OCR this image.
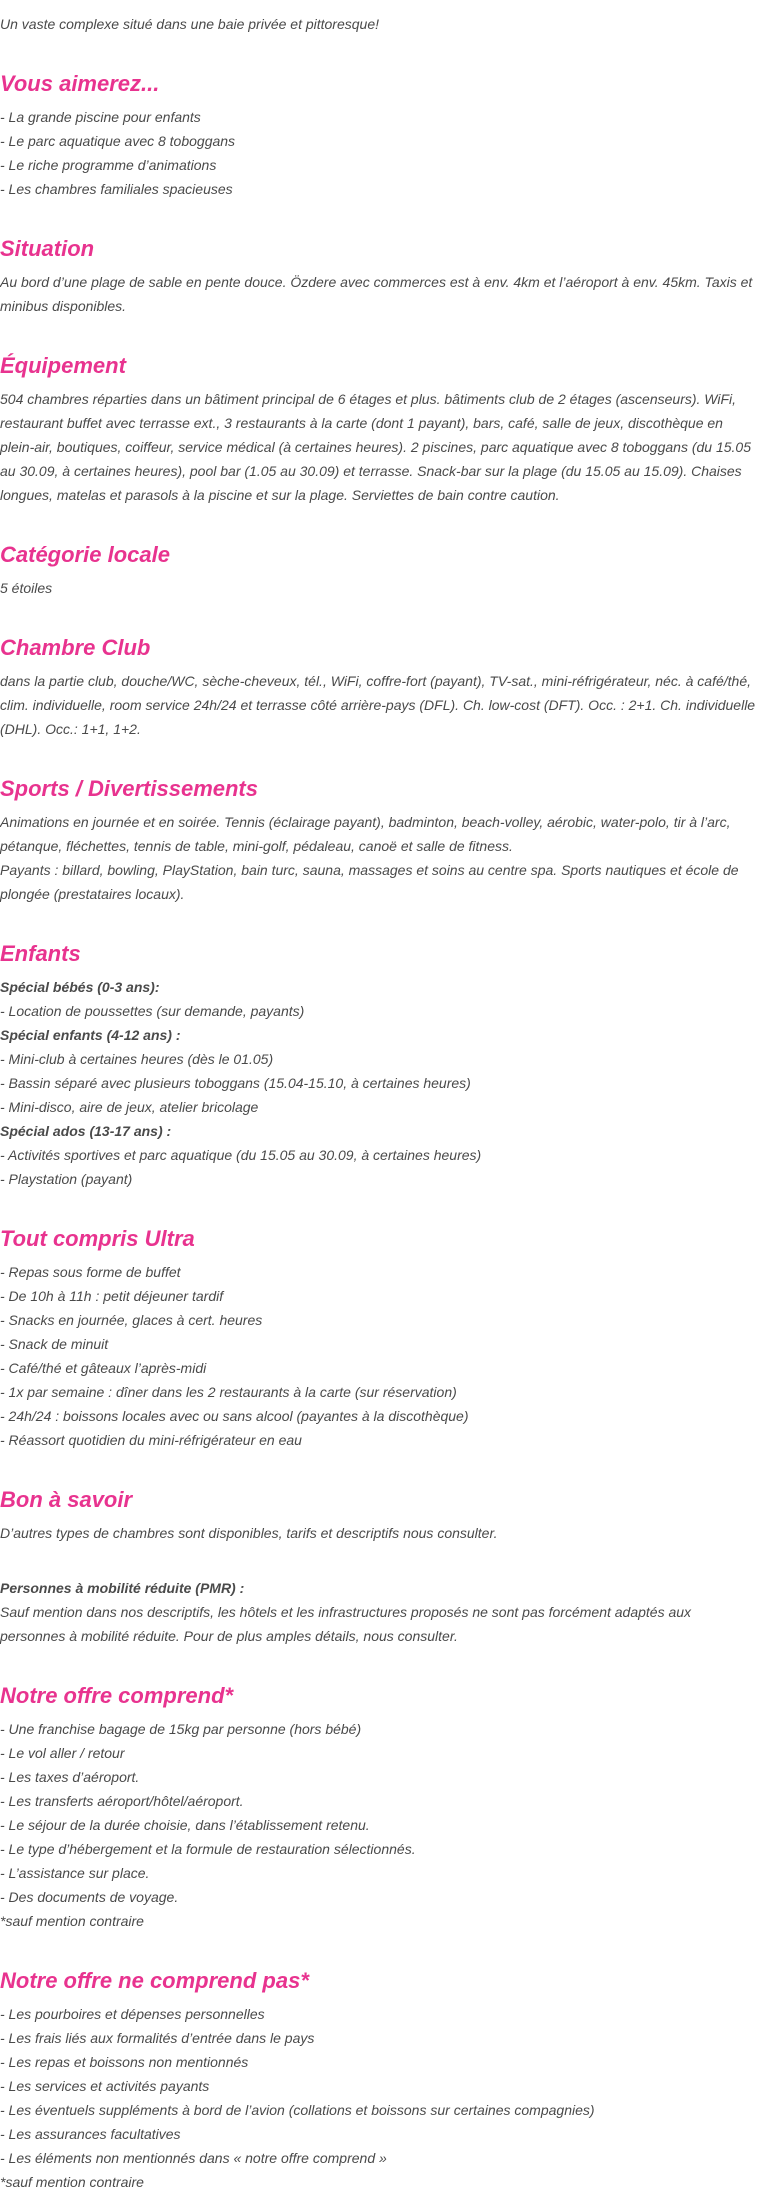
Un vaste complexe situé dans une baie privée et pittoresque!

Vous aimerez...
- La grande piscine pour enfants
- Le parc aquatique avec 8 toboggans
- Le riche programme d’animations
- Les chambres familiales spacieuses
Situation

Au bord d’une plage de sable en pente douce. Özdere avec commerces est à env. 4km et l’aéroport à env. 45km. Taxis et minibus disponibles.

Équipement

504 chambres réparties dans un bâtiment principal de 6 étages et plus. bâtiments club de 2 étages (ascenseurs). WiFi, restaurant buffet avec terrasse ext., 3 restaurants à la carte (dont 1 payant), bars, café, salle de jeux, discothèque en plein-air, boutiques, coiffeur, service médical (à certaines heures). 2 piscines, parc aquatique avec 8 toboggans (du 15.05 au 30.09, à certaines heures), pool bar (1.05 au 30.09) et terrasse. Snack-bar sur la plage (du 15.05 au 15.09). Chaises longues, matelas et parasols à la piscine et sur la plage. Serviettes de bain contre caution.

Catégorie locale

5 étoiles

Chambre Club

dans la partie club, douche/WC, sèche-cheveux, tél., WiFi, coffre-fort (payant), TV-sat., mini-réfrigérateur, néc. à café/thé, clim. individuelle, room service 24h/24 et terrasse côté arrière-pays (DFL). Ch. low-cost (DFT). Occ. : 2+1. Ch. individuelle (DHL). Occ.: 1+1, 1+2.

Sports / Divertissements
Animations en journée et en soirée. Tennis (éclairage payant), badminton, beach-volley, aérobic, water-polo, tir à l’arc, pétanque, fléchettes, tennis de table, mini-golf, pédaleau, canoë et salle de fitness.
Payants : billard, bowling, PlayStation, bain turc, sauna, massages et soins au centre spa. Sports nautiques et école de plongée (prestataires locaux).
Enfants
Spécial bébés (0-3 ans):
- Location de poussettes (sur demande, payants)
Spécial enfants (4-12 ans) :
- Mini-club à certaines heures (dès le 01.05)
- Bassin séparé avec plusieurs toboggans (15.04-15.10, à certaines heures)
- Mini-disco, aire de jeux, atelier bricolage
Spécial ados (13-17 ans) :
- Activités sportives et parc aquatique (du 15.05 au 30.09, à certaines heures)
- Playstation (payant)
Tout compris Ultra
- Repas sous forme de buffet
- De 10h à 11h : petit déjeuner tardif
- Snacks en journée, glaces à cert. heures
- Snack de minuit
- Café/thé et gâteaux l’après-midi
- 1x par semaine : dîner dans les 2 restaurants à la carte (sur réservation)
- 24h/24 : boissons locales avec ou sans alcool (payantes à la discothèque)
- Réassort quotidien du mini-réfrigérateur en eau
Bon à savoir
D’autres types de chambres sont disponibles, tarifs et descriptifs nous consulter.
Personnes à mobilité réduite (PMR) :
Sauf mention dans nos descriptifs, les hôtels et les infrastructures proposés ne sont pas forcément adaptés aux personnes à mobilité réduite. Pour de plus amples détails, nous consulter.
Notre offre comprend*
- Une franchise bagage de 15kg par personne (hors bébé)
- Le vol aller / retour
- Les taxes d’aéroport.
- Les transferts aéroport/hôtel/aéroport.
- Le séjour de la durée choisie, dans l’établissement retenu.
- Le type d’hébergement et la formule de restauration sélectionnés.
- L’assistance sur place.
- Des documents de voyage.
*sauf mention contraire
Notre offre ne comprend pas*
- Les pourboires et dépenses personnelles
- Les frais liés aux formalités d’entrée dans le pays
- Les repas et boissons non mentionnés
- Les services et activités payants
- Les éventuels suppléments à bord de l’avion (collations et boissons sur certaines compagnies)
- Les assurances facultatives
- Les éléments non mentionnés dans « notre offre comprend »
*sauf mention contraire
